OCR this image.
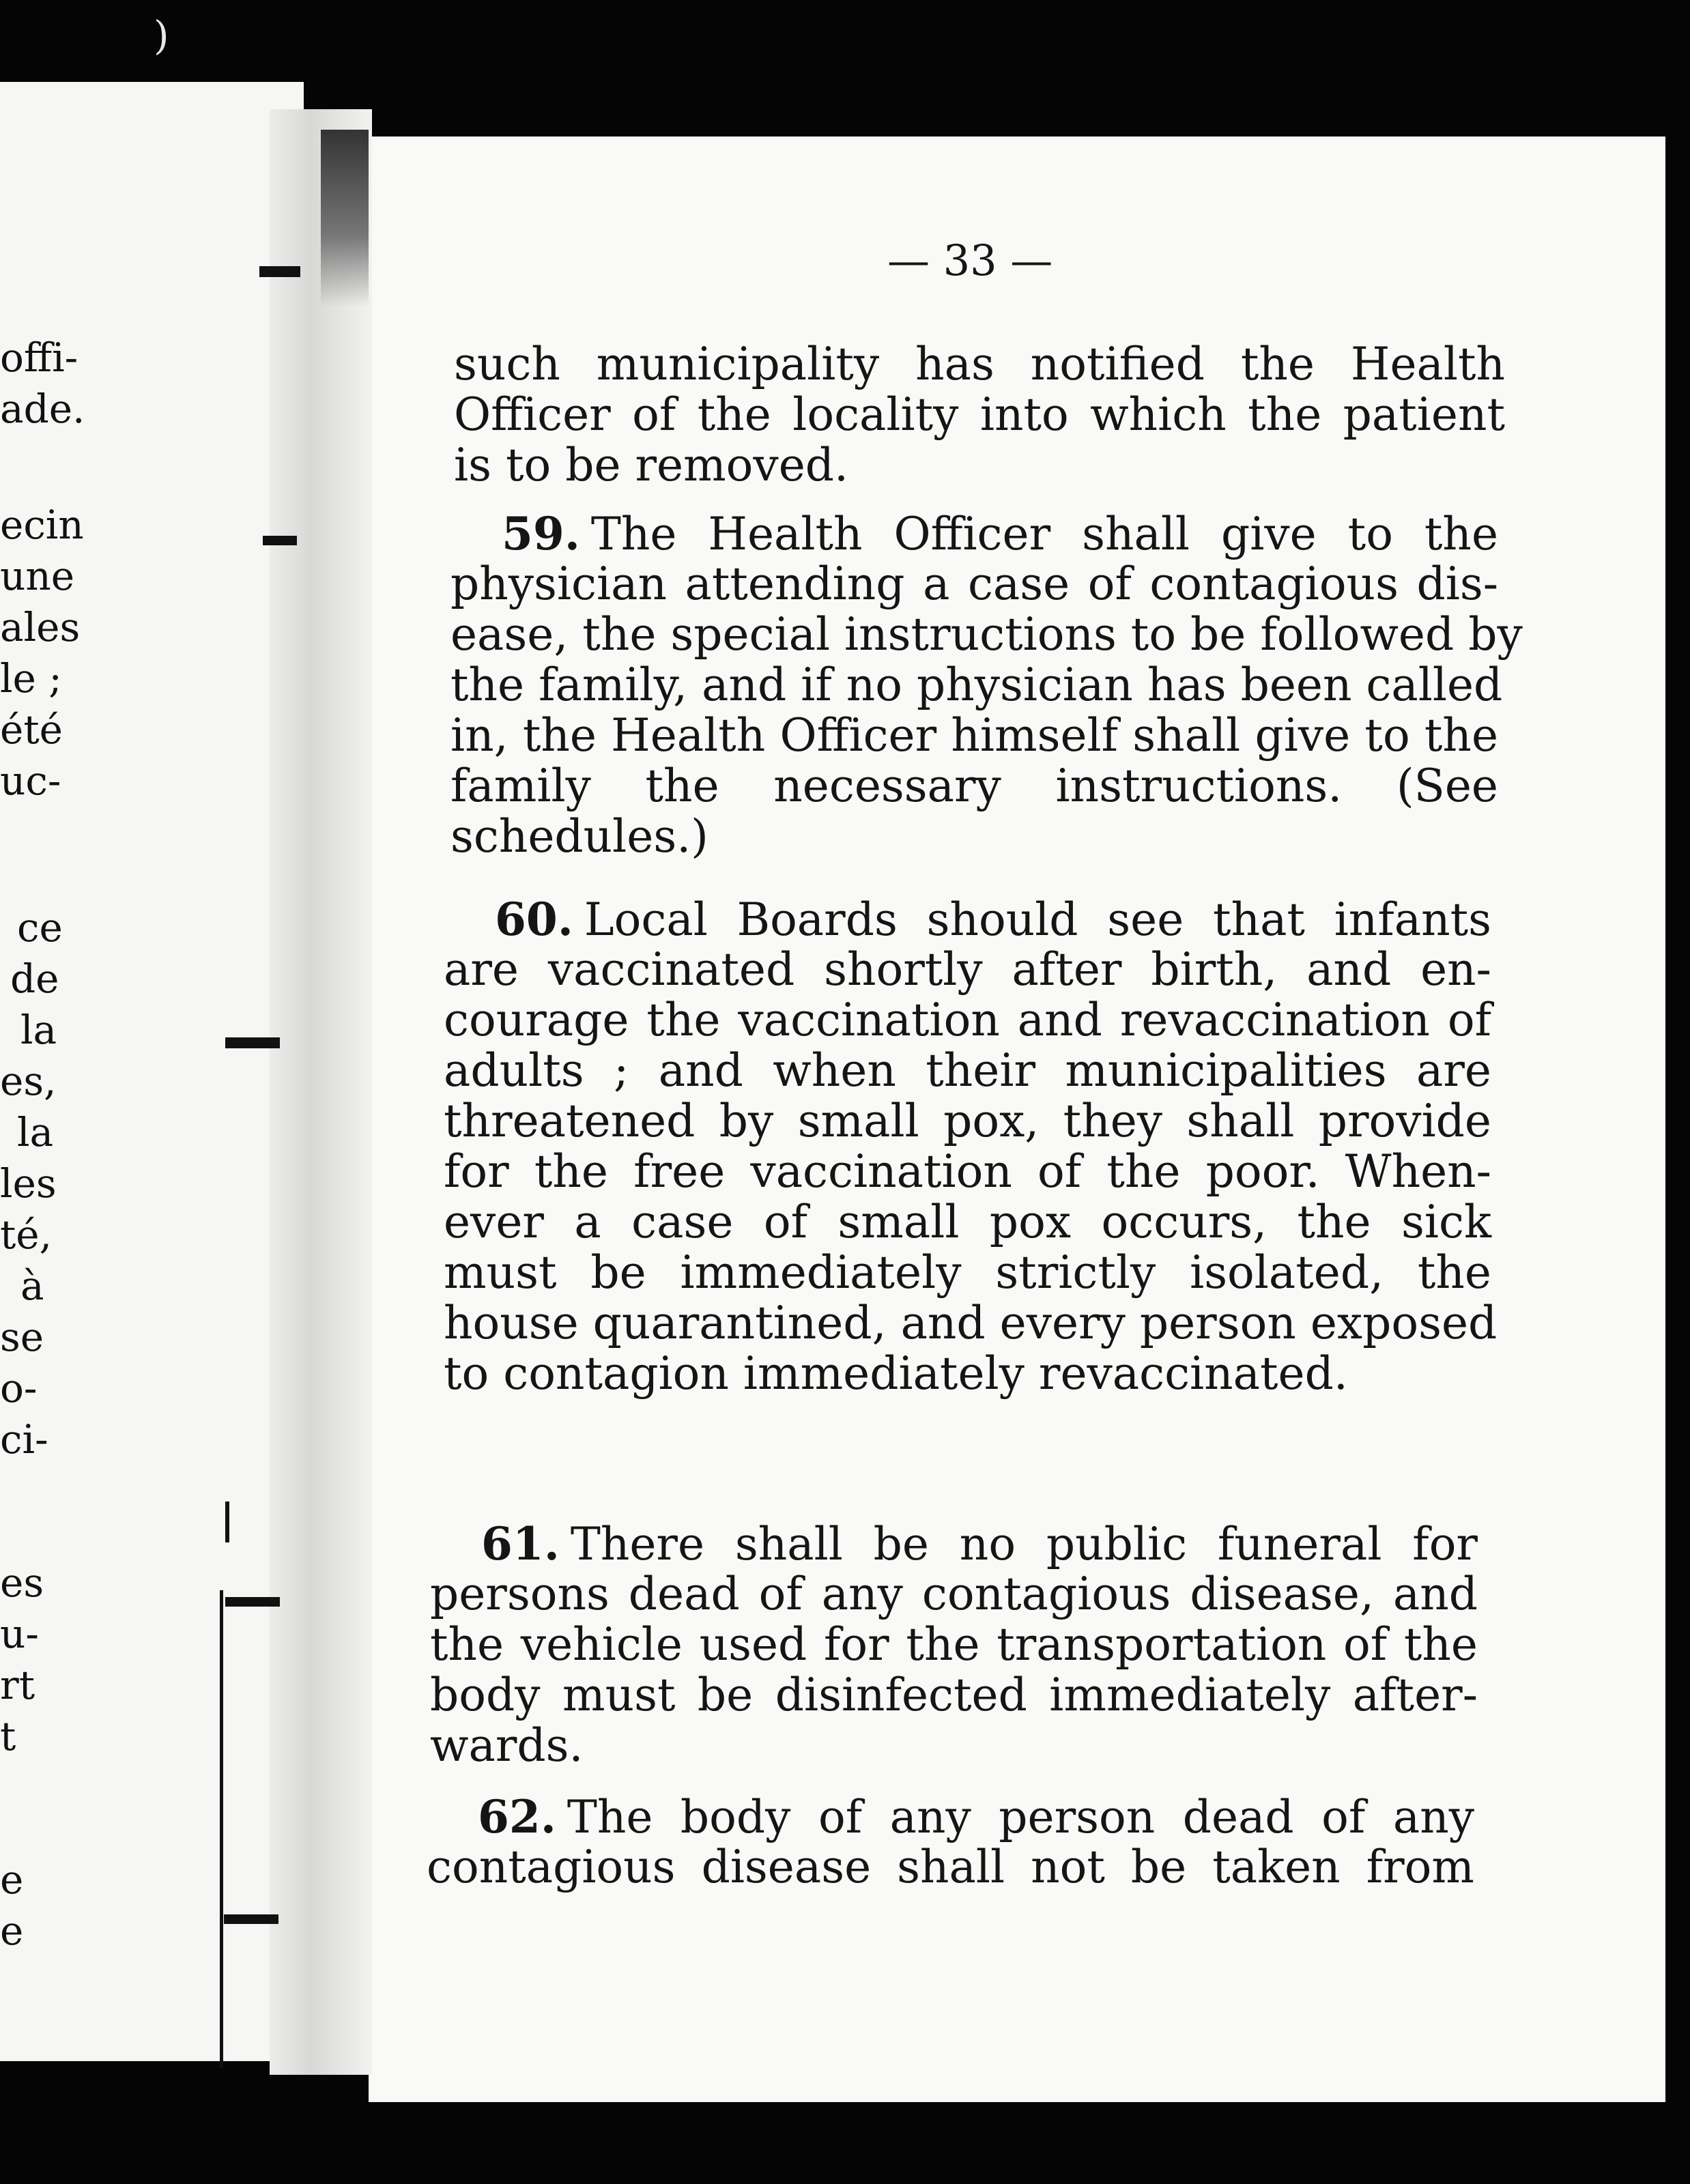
offi-
ade.
ecin
une
ales
le ;
été
uc-
ce
de
la
es,
la
les
té,
à
se
o-
ci-
es
u-
rt
t
e
e
)
— 33 —
such municipality has notified the Health
Officer of the locality into which the patient
is to be removed.
59. The Health Officer shall give to the
physician attending a case of contagious dis-
ease, the special instructions to be followed by
the family, and if no physician has been called
in, the Health Officer himself shall give to the
family the necessary instructions. (See
schedules.)
60. Local Boards should see that infants
are vaccinated shortly after birth, and en-
courage the vaccination and revaccination of
adults ; and when their municipalities are
threatened by small pox, they shall provide
for the free vaccination of the poor. When-
ever a case of small pox occurs, the sick
must be immediately strictly isolated, the
house quarantined, and every person exposed
to contagion immediately revaccinated.
61. There shall be no public funeral for
persons dead of any contagious disease, and
the vehicle used for the transportation of the
body must be disinfected immediately after-
wards.
62. The body of any person dead of any
contagious disease shall not be taken from
